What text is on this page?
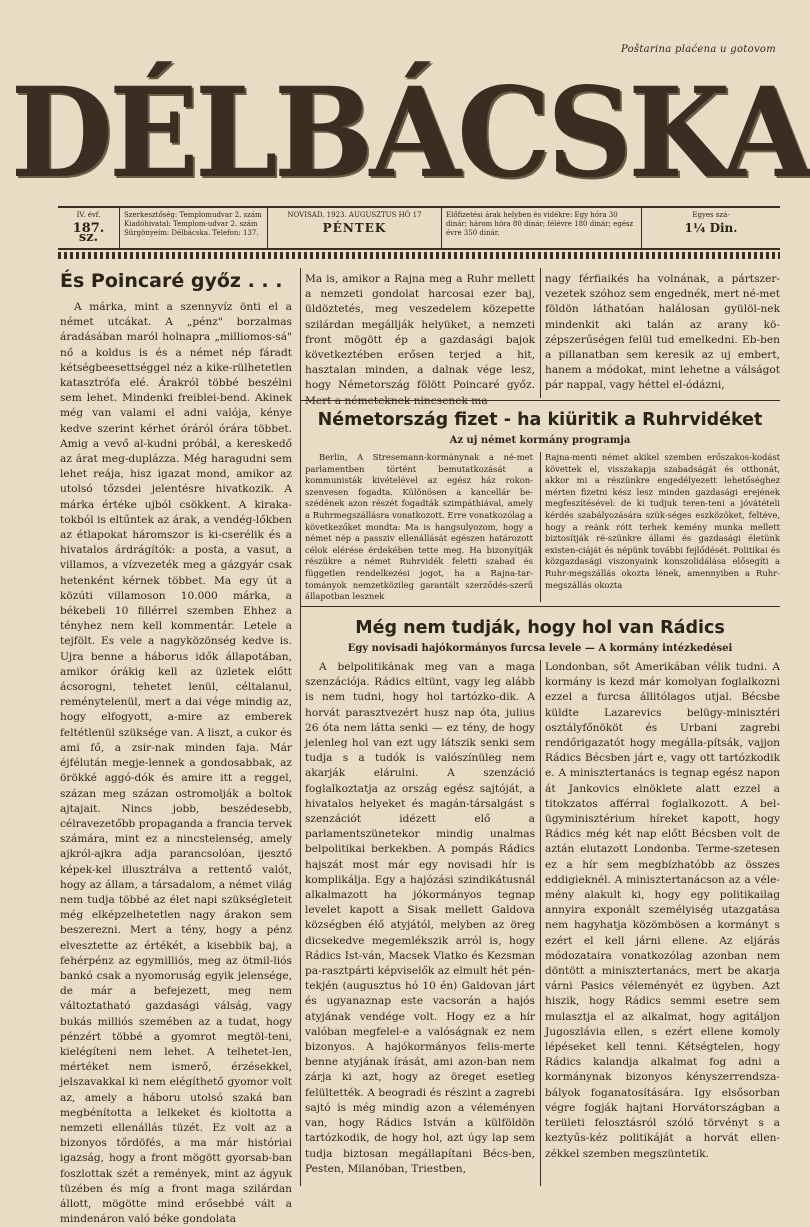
Poštarina plaćena u gotovom
DÉLBÁCSKA
IV. évf.
187. sz.
Szerkesztőség: Templomudvar 2. szám Kiadóhivatal: Templom-udvar 2. szám Sürgönyeím: Délbácska. Telefon: 137.
NOVISAD, 1923. AUGUSZTUS HÓ 17
PÉNTEK
Előfizetési árak helyben és vidékre: Egy hóra 30 dinár; három hóra 80 dinár; félévre 180 dinár; egész évre 350 dinár.
Egyes szá-
1¼ Din.
És Poincaré győz . . .

A márka, mint a szennyvíz önti el a német utcákat. A „pénz" borzalmas áradásában maról holnapra „milliomos-sá" nő a koldus is és a német nép fáradt kétségbeesettséggel néz a kike-rülhetetlen katasztrófa elé. Árakról többé beszélni sem lehet. Mindenki freiblei-bend. Akinek még van valami el adni valója, kénye kedve szerint kérhet óráról órára többet. Amig a vevő al-kudni próbál, a kereskedő az árat meg-duplázza. Még haragudni sem lehet reája, hisz igazat mond, amikor az utolsó tőzsdei jelentésre hivatkozik. A márka értéke ujból csökkent. A kiraka-tokból is eltűntek az árak, a vendég-lőkben az étlapokat háromszor is ki-cserélik és a hivatalos árdrágítók: a posta, a vasut, a villamos, a vízvezeték meg a gázgyár csak hetenként kérnek többet. Ma egy út a közúti villamoson 10.000 márka, a békebeli 10 fillérrel szemben Ehhez a tényhez nem kell kommentár. Letele a tejfölt. Es vele a nagyközönség kedve is. Ujra benne a háborus idők állapotában, amikor órákig kell az üzletek előtt ácsorogni, tehetet lenül, céltalanul, reménytelenül, mert a dai vége mindig az, hogy elfogyott, a-mire az emberek feltétlenül szüksége van. A liszt, a cukor és ami fő, a zsir-nak minden faja. Már éjfélután megje-lennek a gondosabbak, az örökké aggó-dók és amire itt a reggel, százan meg százan ostromolják a boltok ajtajait. Nincs jobb, beszédesebb, célravezetőbb propaganda a francia tervek számára, mint ez a nincstelenség, amely ajkról-ajkra adja parancsolóan, ijesztő képek-kel illusztrálva a rettentő valót, hogy az állam, a társadalom, a német világ nem tudja többé az élet napi szükségleteit még elképzelhetetlen nagy árakon sem beszerezni. Mert a tény, hogy a pénz elvesztette az értékét, a kisebbik baj, a fehérpénz az egymilliós, meg az ötmil-liós bankó csak a nyomoruság egyik jelensége, de már a befejezett, meg nem változtatható gazdasági válság, vagy bukás milliós szemében az a tudat, hogy pénzért többé a gyomrot megtöl-teni, kielégíteni nem lehet. A telhetet-len, mértéket nem ismerő, érzésekkel, jelszavakkal ki nem elégíthető gyomor volt az, amely a háboru utolsó szaká ban megbénította a lelkeket és kioltotta a nemzeti ellenállás tüzét. Ez volt az a bizonyos tőrdöfés, a ma már históriai igazság, hogy a front mögött gyorsab-ban foszlottak szét a remények, mint az ágyuk tüzében és míg a front maga szilárdan állott, mögötte mind erősebbé vált a mindenáron való béke gondolata

Ma is, amikor a Rajna meg a Ruhr mellett a nemzeti gondolat harcosai ezer baj, üldöztetés, meg veszedelem közepette szilárdan megállják helyüket, a nemzeti front mögött ép a gazdasági bajok következtében erősen terjed a hit, hasztalan minden, a dalnak vége lesz, hogy Németország fölött Poincaré győz.

nagy férfiaikés ha volnának, a pártszer-vezetek szóhoz sem engednék, mert né-met földön láthatóan halálosan gyülöl-nek mindenkit aki talán az arany kö-zépszerűségen felül tud emelkedni. Eb-ben a pillanatban sem keresik az uj embert, hanem a módokat, mint lehetne a válságot pár nappal, vagy héttel el-ódázni,

Németország fizet - ha kiüritik a Ruhrvidéket
Az uj német kormány programja

Berlin, A Stresemann-kormánynak a né-met parlamentben történt bemutatkozását a kommunisták kivételével az egész ház rokon-szenvesen fogadta. Különösen a kancellár be-szédének azon részét fogadták szimpáthiával, amely a Ruhrmegszállásra vonatkozott. Erre vonatkozólag a következőket mondta: Ma is hangsulyozom, hogy a német nép a passziv ellenállását egészen határozott célok elérése érdekében tette meg. Ha bizonyítják részükre a német Ruhrvidék feletti szabad és független rendelkezési jogot, ha a Rajna-tar-tományok nemzetközileg garantált szerződés-szerű állapotban lesznek

Rajna-menti német akikel szemben erőszakos-kodást követtek el, visszakapja szabadságát és otthonát, akkor mi a részünkre engedélyezett lehetőséghez mérten fizetni kész lesz minden gazdasági erejének megfeszítésével: de ki tudjuk teren-teni a jóvátételi kérdés szabályozására szük-séges eszközöket, feltéve, hogy a reánk rótt terhek kemény munka mellett biztosítják ré-szünkre állami és gazdasági életünk existen-ciáját és népünk további fejlődését. Politikai és közgazdasági viszonyaink konszolidálása elősegíti a Ruhr-megszállás okozta lének, amennyiben a Ruhr-megszállás okozta

Még nem tudják, hogy hol van Rádics
Egy novisadi hajókormányos furcsa levele — A kormány intézkedései

A belpolitikának meg van a maga szenzációja. Rádics eltünt, vagy leg alább is nem tudni, hogy hol tartózko-dik. A horvát parasztvezért husz nap óta, julius 26 óta nem látta senki — ez tény, de hogy jelenleg hol van ezt ugy látszik senki sem tudja s a tudók is valószínüleg nem akarják elárulni. A szenzáció foglalkoztatja az ország egész sajtóját, a hivatalos helyeket és magán-társalgást s szenzációt idézett elő a parlamentszünetekor mindig unalmas belpolitikai berkekben. A pompás Rádics hajszát most már egy novisadi hír is komplikálja. Egy a hajózási szindikátusnál alkalmazott ha jókormányos tegnap levelet kapott a Sisak mellett Galdova községben élő atyjától, melyben az öreg dicsekedve megemlékszik arról is, hogy Rádics Ist-ván, Macsek Vlatko és Kezsman pa-rasztpárti képviselők az elmult hét pén-tekjén (augusztus hó 10 én) Galdovan járt és ugyanaznap este vacsorán a hajós atyjának vendége volt. Hogy ez a hír valóban megfelel-e a valóságnak ez nem bizonyos. A hajókormányos felis-merte benne atyjának írását, ami azon-ban nem zárja ki azt, hogy az öreget esetleg felültették. A beogradi és részint a zagrebi sajtó is még mindig azon a véleményen van, hogy Rádics István a külföldön tartózkodik, de hogy hol, azt úgy lap sem tudja biztosan megállapítani Bécs-ben, Pesten, Milanóban, Triestben,

Londonban, sőt Amerikában vélik tudni. A kormány is kezd már komolyan foglalkozni ezzel a furcsa állitólagos utjal. Bécsbe küldte Lazarevics belügy-minisztéri osztályfőnököt és Urbani zagrebi rendőrigazatót hogy megálla-pítsák, vajjon Rádics Bécsben járt e, vagy ott tartózkodik e. A minisztertanács is tegnap egész napon át Jankovics elnöklete alatt ezzel a titokzatos afférral foglalkozott. A bel-ügyminisztérium híreket kapott, hogy Rádics még két nap előtt Bécsben volt de aztán elutazott Londonba. Terme-szetesen ez a hír sem megbízhatóbb az összes eddigieknél. A minisztertanácson az a véle-mény alakult ki, hogy egy politikailag annyira exponált személyiség utazgatása nem hagyhatja közömbösen a kormányt s ezért el kell járni ellene. Az eljárás módozataira vonatkozólag azonban nem döntött a minisztertanács, mert be akarja várni Pasics véleményét ez ügyben. Azt hiszik, hogy Rádics semmi esetre sem mulasztja el az alkalmat, hogy agitáljon Jugoszlávia ellen, s ezért ellene komoly lépéseket kell tenni. Kétségtelen, hogy Rádics kalandja alkalmat fog adni a kormánynak bizonyos kényszerrendsza-bályok foganatosítására. Igy elsősorban végre fogják hajtani Horvátországban a területi felosztásról szóló törvényt s a keztyűs-kéz politikáját a horvát ellen-zékkel szemben megszüntetik.
